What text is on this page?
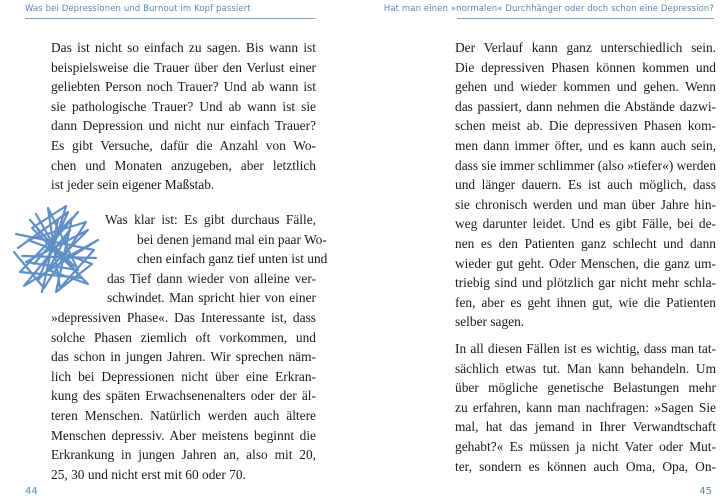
Was bei Depressionen und Burnout im Kopf passiert
Das ist nicht so einfach zu sagen. Bis wann ist
beispielsweise die Trauer über den Verlust einer
geliebten Person noch Trauer? Und ab wann ist
sie pathologische Trauer? Und ab wann ist sie
dann Depression und nicht nur einfach Trauer?
Es gibt Versuche, dafür die Anzahl von Wo-
chen und Monaten anzugeben, aber letztlich
ist jeder sein eigener Maßstab.
Was klar ist: Es gibt durchaus Fälle,
bei denen jemand mal ein paar Wo-
chen einfach ganz tief unten ist und
das Tief dann wieder von alleine ver-
schwindet. Man spricht hier von einer
»depressiven Phase«. Das Interessante ist, dass
solche Phasen ziemlich oft vorkommen, und
das schon in jungen Jahren. Wir sprechen näm-
lich bei Depressionen nicht über eine Erkran-
kung des späten Erwachsenenalters oder der äl-
teren Menschen. Natürlich werden auch ältere
Menschen depressiv. Aber meistens beginnt die
Erkrankung in jungen Jahren an, also mit 20,
25, 30 und nicht erst mit 60 oder 70.
44
Hat man einen »normalen« Durchhänger oder doch schon eine Depression?
Der Verlauf kann ganz unterschiedlich sein.
Die depressiven Phasen können kommen und
gehen und wieder kommen und gehen. Wenn
das passiert, dann nehmen die Abstände dazwi-
schen meist ab. Die depressiven Phasen kom-
men dann immer öfter, und es kann auch sein,
dass sie immer schlimmer (also »tiefer«) werden
und länger dauern. Es ist auch möglich, dass
sie chronisch werden und man über Jahre hin-
weg darunter leidet. Und es gibt Fälle, bei de-
nen es den Patienten ganz schlecht und dann
wieder gut geht. Oder Menschen, die ganz um-
triebig sind und plötzlich gar nicht mehr schla-
fen, aber es geht ihnen gut, wie die Patienten
selber sagen.
In all diesen Fällen ist es wichtig, dass man tat-
sächlich etwas tut. Man kann behandeln. Um
über mögliche genetische Belastungen mehr
zu erfahren, kann man nachfragen: »Sagen Sie
mal, hat das jemand in Ihrer Verwandtschaft
gehabt?« Es müssen ja nicht Vater oder Mut-
ter, sondern es können auch Oma, Opa, On-
45
